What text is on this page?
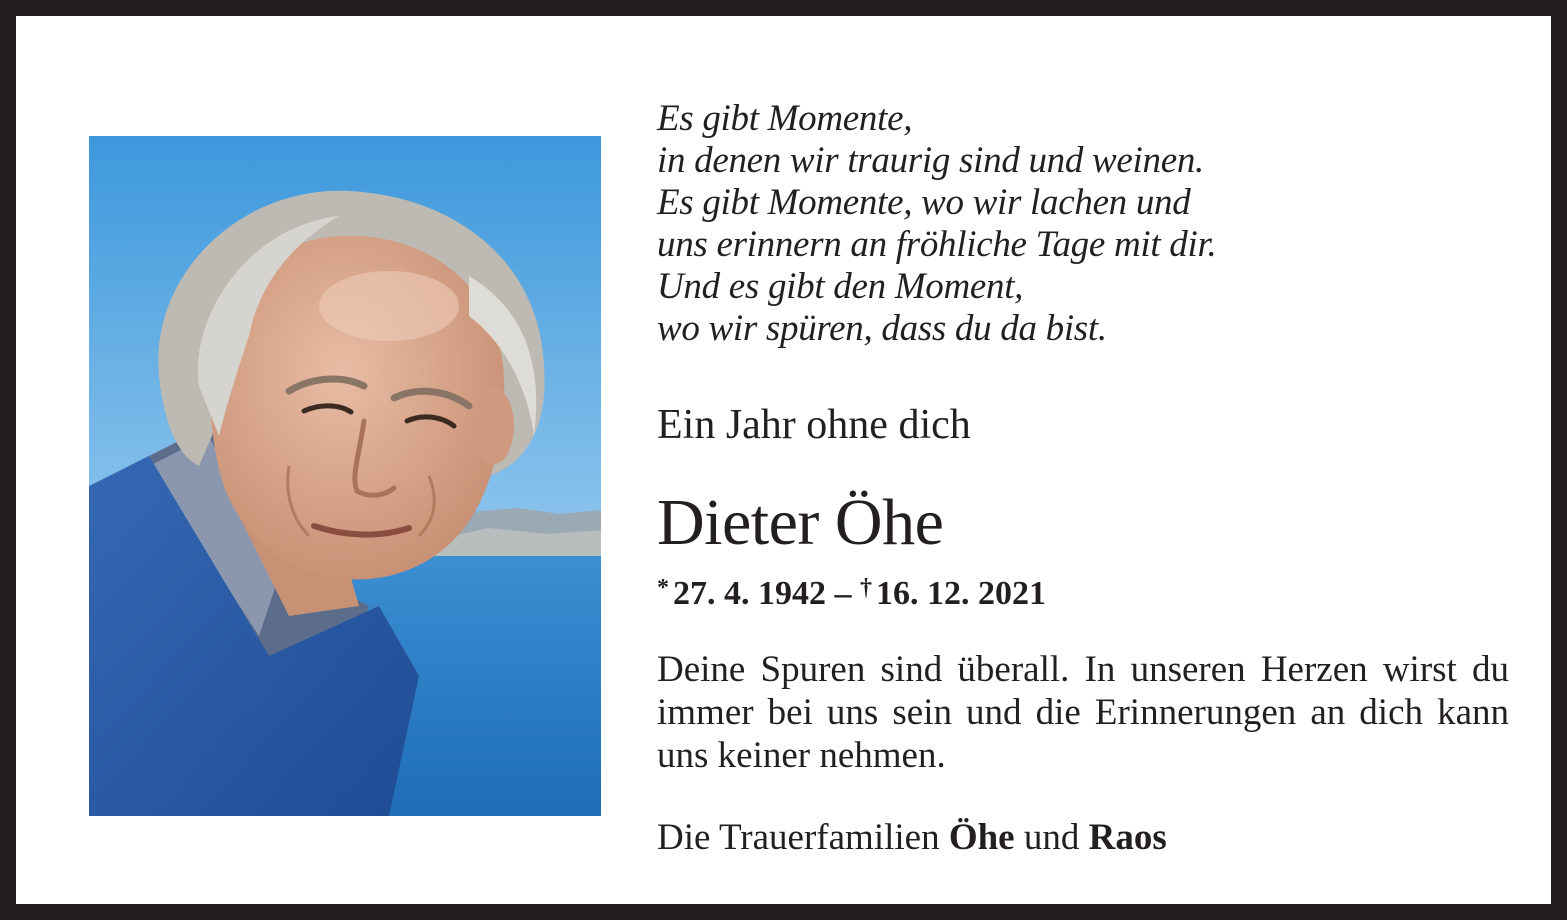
Es gibt Momente,
in denen wir traurig sind und weinen.
Es gibt Momente, wo wir lachen und
uns erinnern an fröhliche Tage mit dir.
Und es gibt den Moment,
wo wir spüren, dass du da bist.

Ein Jahr ohne dich
Dieter Öhe
* 27. 4. 1942 – † 16. 12. 2021

Deine Spuren sind überall. In unseren Herzen wirst du immer bei uns sein und die Erinnerungen an dich kann uns keiner nehmen.

Die Trauerfamilien Öhe und Raos
